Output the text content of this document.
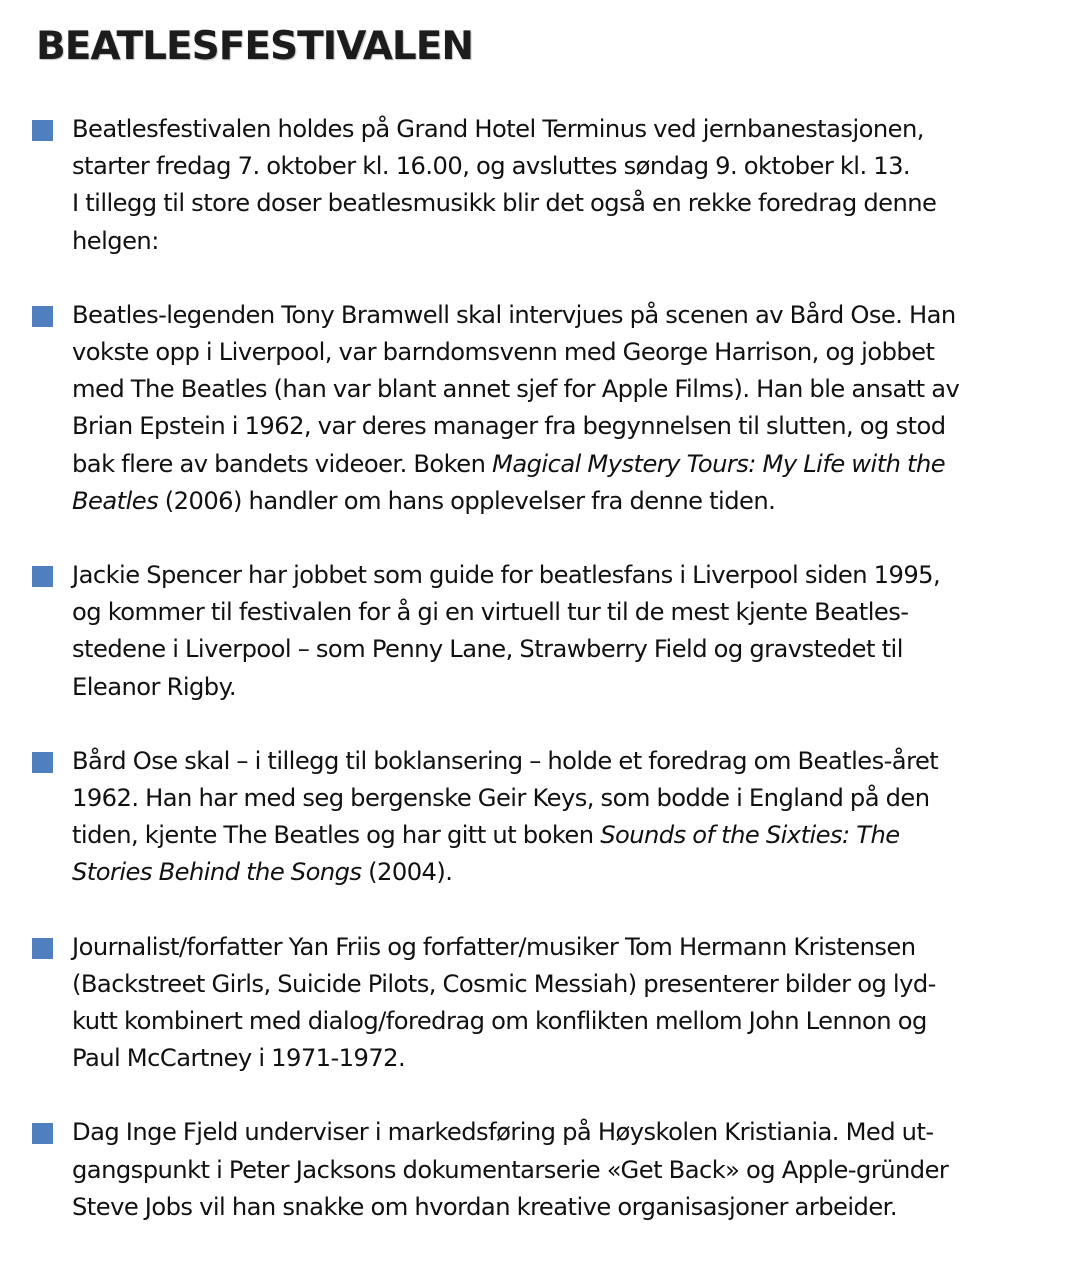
BEATLESFESTIVALEN
Beatlesfestivalen holdes på Grand Hotel Terminus ved jernbanestasjonen,
starter fredag 7. oktober kl. 16.00, og avsluttes søndag 9. oktober kl. 13.
I tillegg til store doser beatlesmusikk blir det også en rekke foredrag denne
helgen:
Beatles-legenden Tony Bramwell skal intervjues på scenen av Bård Ose. Han
vokste opp i Liverpool, var barndomsvenn med George Harrison, og jobbet
med The Beatles (han var blant annet sjef for Apple Films). Han ble ansatt av
Brian Epstein i 1962, var deres manager fra begynnelsen til slutten, og stod
bak flere av bandets videoer. Boken Magical Mystery Tours: My Life with the
Beatles (2006) handler om hans opplevelser fra denne tiden.
Jackie Spencer har jobbet som guide for beatlesfans i Liverpool siden 1995,
og kommer til festivalen for å gi en virtuell tur til de mest kjente Beatles-
stedene i Liverpool – som Penny Lane, Strawberry Field og gravstedet til
Eleanor Rigby.
Bård Ose skal – i tillegg til boklansering – holde et foredrag om Beatles-året
1962. Han har med seg bergenske Geir Keys, som bodde i England på den
tiden, kjente The Beatles og har gitt ut boken Sounds of the Sixties: The
Stories Behind the Songs (2004).
Journalist/forfatter Yan Friis og forfatter/musiker Tom Hermann Kristensen
(Backstreet Girls, Suicide Pilots, Cosmic Messiah) presenterer bilder og lyd-
kutt kombinert med dialog/foredrag om konflikten mellom John Lennon og
Paul McCartney i 1971-1972.
Dag Inge Fjeld underviser i markedsføring på Høyskolen Kristiania. Med ut-
gangspunkt i Peter Jacksons dokumentarserie «Get Back» og Apple-gründer
Steve Jobs vil han snakke om hvordan kreative organisasjoner arbeider.
